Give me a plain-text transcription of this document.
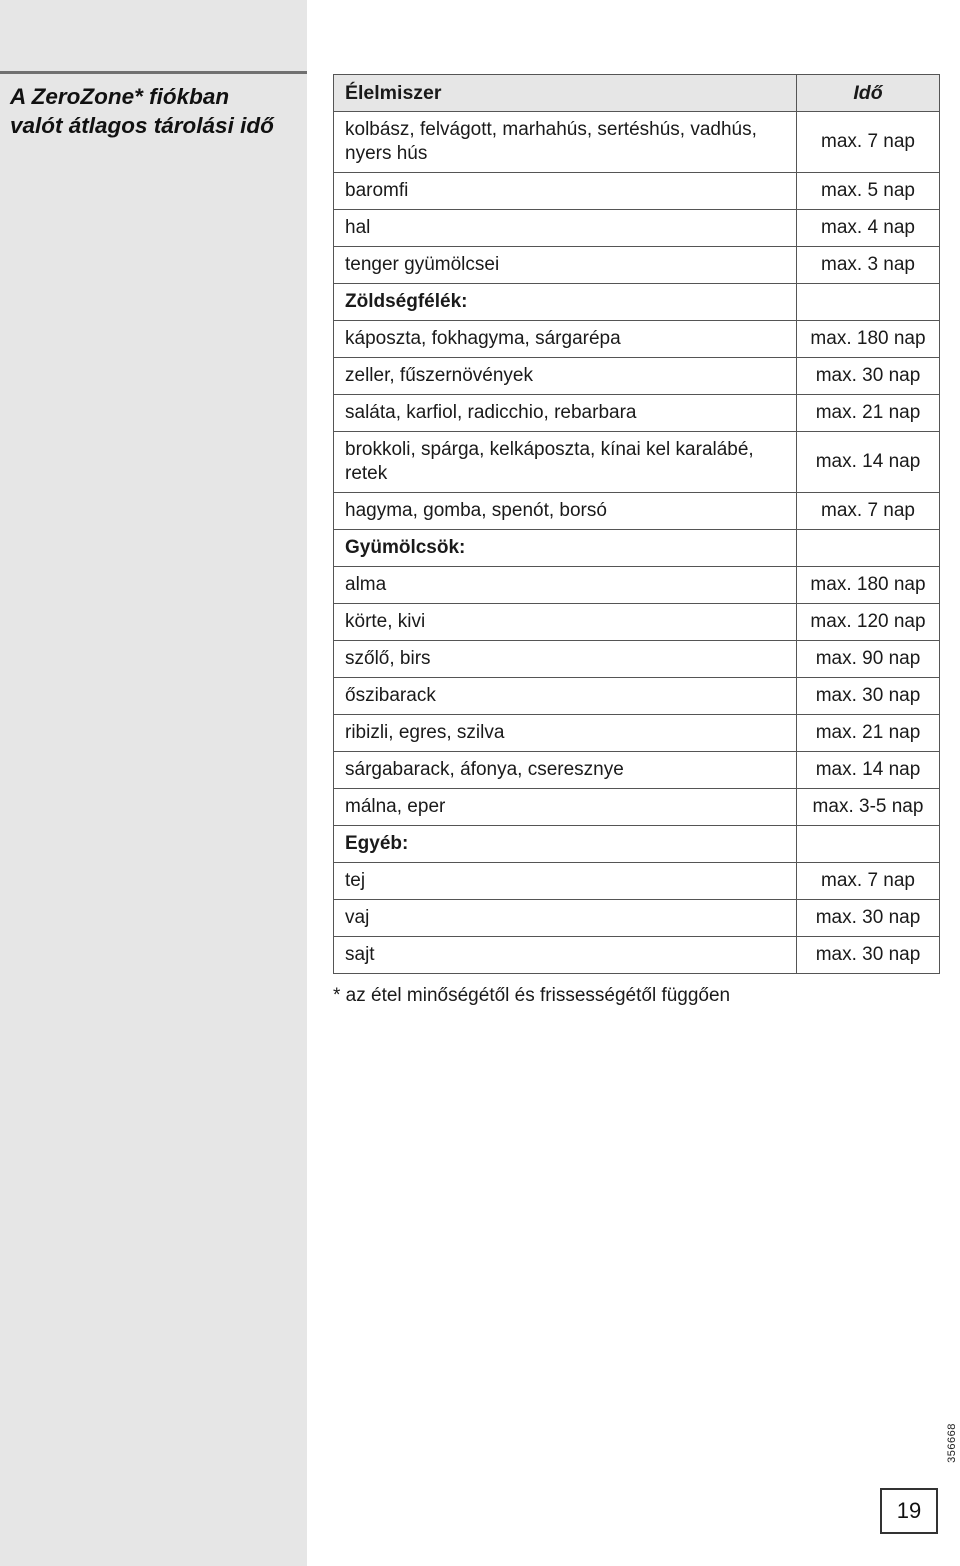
A ZeroZone* fiókban
valót átlagos tárolási idő
Élelmiszer	Idő
kolbász, felvágott, marhahús, sertéshús, vadhús, nyers hús	max. 7 nap
baromfi	max. 5 nap
hal	max. 4 nap
tenger gyümölcsei	max. 3 nap
Zöldségfélék:	
káposzta, fokhagyma, sárgarépa	max. 180 nap
zeller, fűszernövények	max. 30 nap
saláta, karfiol, radicchio, rebarbara	max. 21 nap
brokkoli, spárga, kelkáposzta, kínai kel karalábé, retek	max. 14 nap
hagyma, gomba, spenót, borsó	max. 7 nap
Gyümölcsök:	
alma	max. 180 nap
körte, kivi	max. 120 nap
szőlő, birs	max. 90 nap
őszibarack	max. 30 nap
ribizli, egres, szilva	max. 21 nap
sárgabarack, áfonya, cseresznye	max. 14 nap
málna, eper	max. 3-5 nap
Egyéb:	
tej	max. 7 nap
vaj	max. 30 nap
sajt	max. 30 nap
* az étel minőségétől és frissességétől függően
356668
19
